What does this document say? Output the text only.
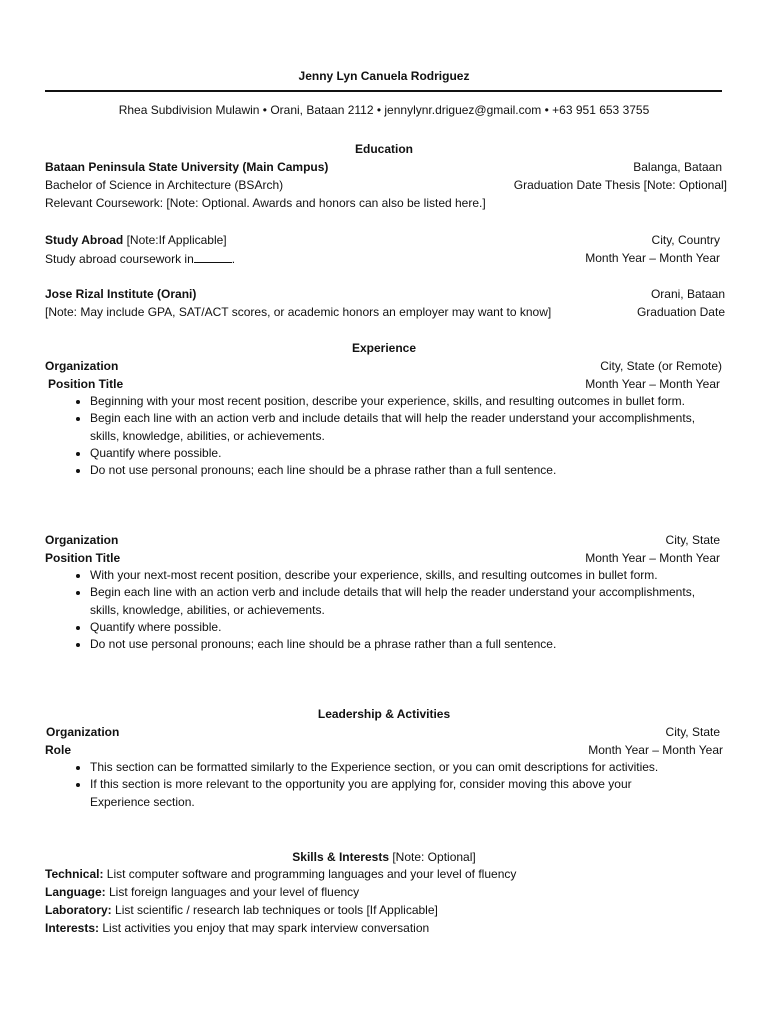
Jenny Lyn Canuela Rodriguez
Rhea Subdivision Mulawin • Orani, Bataan 2112 • jennylynr.driguez@gmail.com • +63 951 653 3755
Education
Bataan Peninsula State University (Main Campus)	Balanga, Bataan
Bachelor of Science in Architecture (BSArch)	Graduation Date Thesis [Note: Optional]
Relevant Coursework: [Note: Optional. Awards and honors can also be listed here.]
Study Abroad [Note:If Applicable]	City, Country
Study abroad coursework in	.	Month Year – Month Year
Jose Rizal Institute (Orani)	Orani, Bataan
[Note: May include GPA, SAT/ACT scores, or academic honors an employer may want to know]	Graduation Date
Experience
Organization	City, State (or Remote)
Position Title	Month Year – Month Year
• Beginning with your most recent position, describe your experience, skills, and resulting outcomes in bullet form.
• Begin each line with an action verb and include details that will help the reader understand your accomplishments,
skills, knowledge, abilities, or achievements.
• Quantify where possible.
• Do not use personal pronouns; each line should be a phrase rather than a full sentence.
Organization	City, State
Position Title	Month Year – Month Year
• With your next-most recent position, describe your experience, skills, and resulting outcomes in bullet form.
• Begin each line with an action verb and include details that will help the reader understand your accomplishments,
skills, knowledge, abilities, or achievements.
• Quantify where possible.
• Do not use personal pronouns; each line should be a phrase rather than a full sentence.
Leadership & Activities
Organization	City, State
Role	Month Year – Month Year
• This section can be formatted similarly to the Experience section, or you can omit descriptions for activities.
• If this section is more relevant to the opportunity you are applying for, consider moving this above your Experience section.
Skills & Interests [Note: Optional]
Technical: List computer software and programming languages and your level of fluency
Language: List foreign languages and your level of fluency
Laboratory: List scientific / research lab techniques or tools [If Applicable]
Interests: List activities you enjoy that may spark interview conversation
